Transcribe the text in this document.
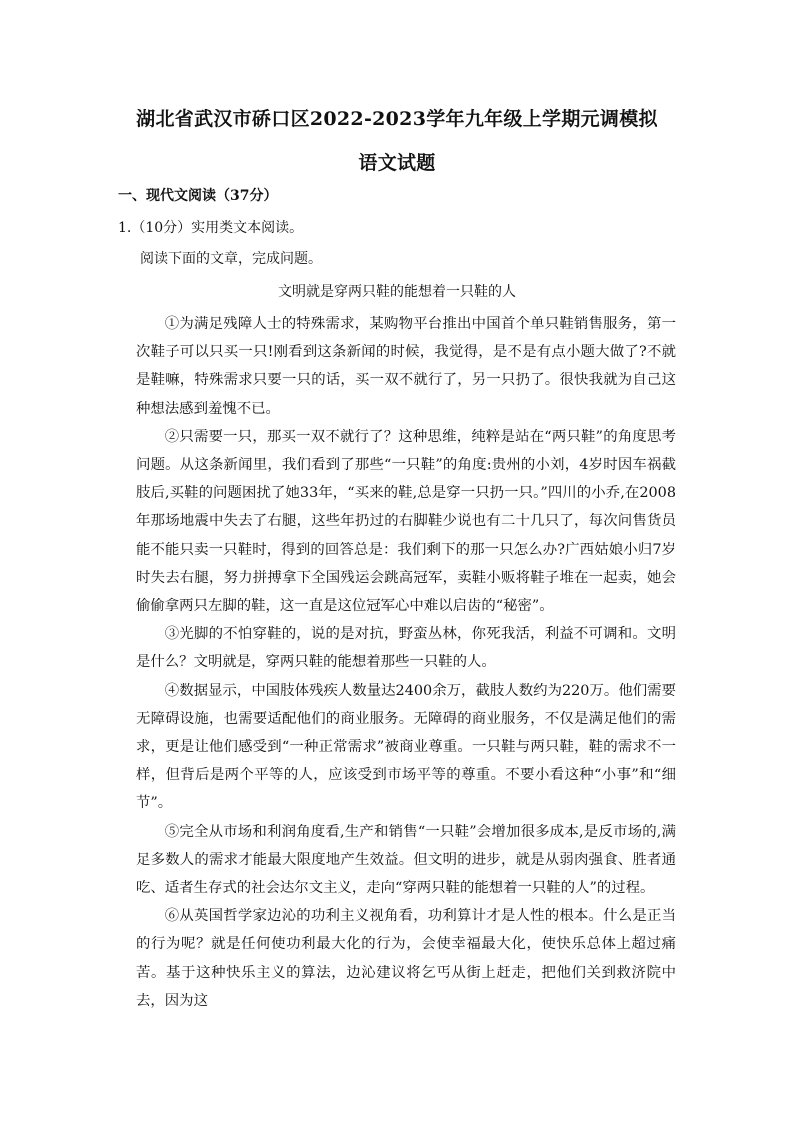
湖北省武汉市硚口区2022-2023学年九年级上学期元调模拟
语文试题
一、现代文阅读（37分）
1.（10分）实用类文本阅读。
阅读下面的文章，完成问题。
文明就是穿两只鞋的能想着一只鞋的人

①为满足残障人士的特殊需求，某购物平台推出中国首个单只鞋销售服务，第一次鞋子可以只买一只!刚看到这条新闻的时候，我觉得，是不是有点小题大做了?不就是鞋嘛，特殊需求只要一只的话，买一双不就行了，另一只扔了。很快我就为自己这种想法感到羞愧不已。

②只需要一只，那买一双不就行了？这种思维，纯粹是站在“两只鞋”的角度思考问题。从这条新闻里，我们看到了那些“一只鞋”的角度:贵州的小刘，4岁时因车祸截肢后,买鞋的问题困扰了她33年，“买来的鞋,总是穿一只扔一只。”四川的小乔,在2008年那场地震中失去了右腿，这些年扔过的右脚鞋少说也有二十几只了，每次问售货员能不能只卖一只鞋时，得到的回答总是：我们剩下的那一只怎么办?广西姑娘小归7岁时失去右腿，努力拼搏拿下全国残运会跳高冠军，卖鞋小贩将鞋子堆在一起卖，她会偷偷拿两只左脚的鞋，这一直是这位冠军心中难以启齿的“秘密”。

③光脚的不怕穿鞋的，说的是对抗，野蛮丛林，你死我活，利益不可调和。文明是什么？文明就是，穿两只鞋的能想着那些一只鞋的人。

④数据显示，中国肢体残疾人数量达2400余万，截肢人数约为220万。他们需要无障碍设施，也需要适配他们的商业服务。无障碍的商业服务，不仅是满足他们的需求，更是让他们感受到“一种正常需求”被商业尊重。一只鞋与两只鞋，鞋的需求不一样，但背后是两个平等的人，应该受到市场平等的尊重。不要小看这种“小事”和“细节”。

⑤完全从市场和利润角度看,生产和销售“一只鞋”会增加很多成本,是反市场的,满足多数人的需求才能最大限度地产生效益。但文明的进步，就是从弱肉强食、胜者通吃、适者生存式的社会达尔文主义，走向“穿两只鞋的能想着一只鞋的人”的过程。

⑥从英国哲学家边沁的功利主义视角看，功利算计才是人性的根本。什么是正当的行为呢？就是任何使功利最大化的行为，会使幸福最大化，使快乐总体上超过痛苦。基于这种快乐主义的算法，边沁建议将乞丐从街上赶走，把他们关到救济院中去，因为这
